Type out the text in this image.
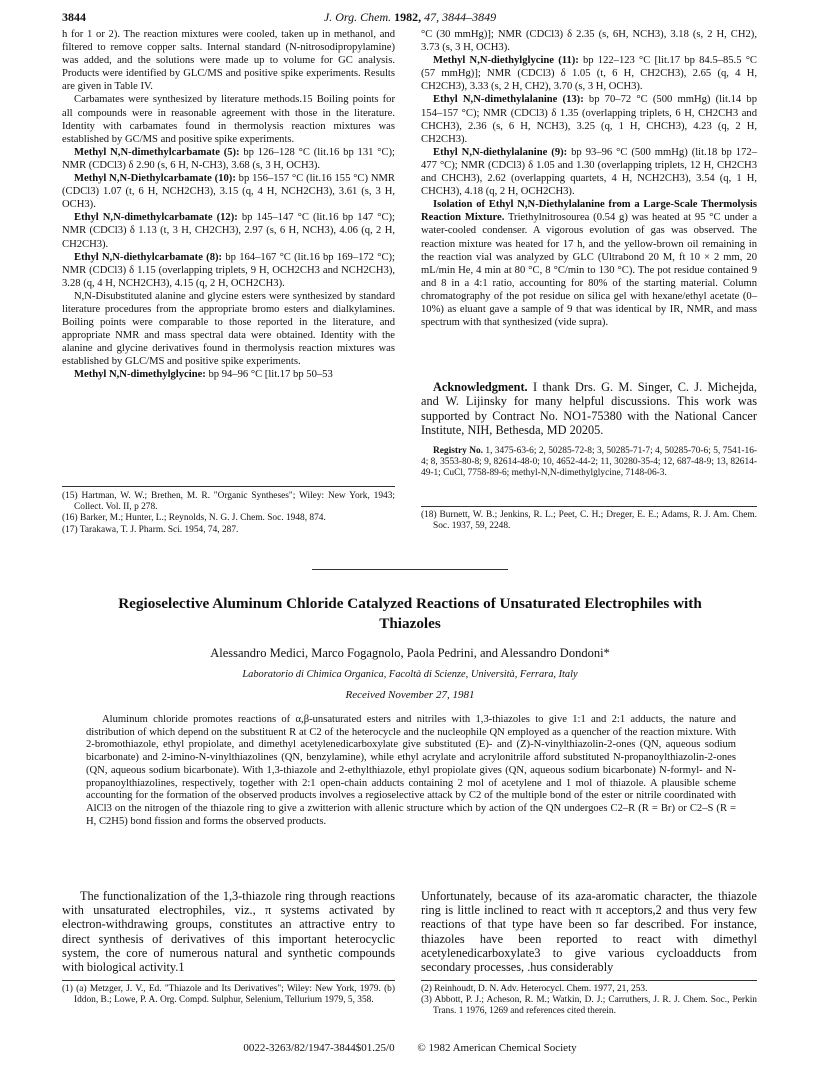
3844	J. Org. Chem. 1982, 47, 3844–3849

h for 1 or 2). The reaction mixtures were cooled, taken up in methanol, and filtered to remove copper salts. Internal standard (N-nitrosodipropylamine) was added, and the solutions were made up to volume for GC analysis. Products were identified by GLC/MS and positive spike experiments. Results are given in Table IV.

Carbamates were synthesized by literature methods.15 Boiling points for all compounds were in reasonable agreement with those in the literature. Identity with carbamates found in thermolysis reaction mixtures was established by GC/MS and positive spike experiments.

Methyl N,N-dimethylcarbamate (5): bp 126–128 °C (lit.16 bp 131 °C); NMR (CDCl3) δ 2.90 (s, 6 H, N-CH3), 3.68 (s, 3 H, OCH3).

Methyl N,N-Diethylcarbamate (10): bp 156–157 °C (lit.16 155 °C) NMR (CDCl3) 1.07 (t, 6 H, NCH2CH3), 3.15 (q, 4 H, NCH2CH3), 3.61 (s, 3 H, OCH3).

Ethyl N,N-dimethylcarbamate (12): bp 145–147 °C (lit.16 bp 147 °C); NMR (CDCl3) δ 1.13 (t, 3 H, CH2CH3), 2.97 (s, 6 H, NCH3), 4.06 (q, 2 H, CH2CH3).

Ethyl N,N-diethylcarbamate (8): bp 164–167 °C (lit.16 bp 169–172 °C); NMR (CDCl3) δ 1.15 (overlapping triplets, 9 H, OCH2CH3 and NCH2CH3), 3.28 (q, 4 H, NCH2CH3), 4.15 (q, 2 H, OCH2CH3).

N,N-Disubstituted alanine and glycine esters were synthesized by standard literature procedures from the appropriate bromo esters and dialkylamines. Boiling points were comparable to those reported in the literature, and appropriate NMR and mass spectral data were obtained. Identity with the alanine and glycine derivatives found in thermolysis reaction mixtures was established by GLC/MS and positive spike experiments.

Methyl N,N-dimethylglycine: bp 94–96 °C [lit.17 bp 50–53

(15) Hartman, W. W.; Brethen, M. R. "Organic Syntheses"; Wiley: New York, 1943; Collect. Vol. II, p 278.

(16) Barker, M.; Hunter, L.; Reynolds, N. G. J. Chem. Soc. 1948, 874.

(17) Tarakawa, T. J. Pharm. Sci. 1954, 74, 287.

°C (30 mmHg)]; NMR (CDCl3) δ 2.35 (s, 6H, NCH3), 3.18 (s, 2 H, CH2), 3.73 (s, 3 H, OCH3).

Methyl N,N-diethylglycine (11): bp 122–123 °C [lit.17 bp 84.5–85.5 °C (57 mmHg)]; NMR (CDCl3) δ 1.05 (t, 6 H, CH2CH3), 2.65 (q, 4 H, CH2CH3), 3.33 (s, 2 H, CH2), 3.70 (s, 3 H, OCH3).

Ethyl N,N-dimethylalanine (13): bp 70–72 °C (500 mmHg) (lit.14 bp 154–157 °C); NMR (CDCl3) δ 1.35 (overlapping triplets, 6 H, CH2CH3 and CHCH3), 2.36 (s, 6 H, NCH3), 3.25 (q, 1 H, CHCH3), 4.23 (q, 2 H, CH2CH3).

Ethyl N,N-diethylalanine (9): bp 93–96 °C (500 mmHg) (lit.18 bp 172–477 °C); NMR (CDCl3) δ 1.05 and 1.30 (overlapping triplets, 12 H, CH2CH3 and CHCH3), 2.62 (overlapping quartets, 4 H, NCH2CH3), 3.54 (q, 1 H, CHCH3), 4.18 (q, 2 H, OCH2CH3).

Isolation of Ethyl N,N-Diethylalanine from a Large-Scale Thermolysis Reaction Mixture. Triethylnitrosourea (0.54 g) was heated at 95 °C under a water-cooled condenser. A vigorous evolution of gas was observed. The reaction mixture was heated for 17 h, and the yellow-brown oil remaining in the reaction vial was analyzed by GLC (Ultrabond 20 M, ft 10 × 2 mm, 20 mL/min He, 4 min at 80 °C, 8 °C/min to 130 °C). The pot residue contained 9 and 8 in a 4:1 ratio, accounting for 80% of the starting material. Column chromatography of the pot residue on silica gel with hexane/ethyl acetate (0–10%) as eluant gave a sample of 9 that was identical by IR, NMR, and mass spectrum with that synthesized (vide supra).

Acknowledgment. I thank Drs. G. M. Singer, C. J. Michejda, and W. Lijinsky for many helpful discussions. This work was supported by Contract No. NO1-75380 with the National Cancer Institute, NIH, Bethesda, MD 20205.
Registry No. 1, 3475-63-6; 2, 50285-72-8; 3, 50285-71-7; 4, 50285-70-6; 5, 7541-16-4; 8, 3553-80-8; 9, 82614-48-0; 10, 4652-44-2; 11, 30280-35-4; 12, 687-48-9; 13, 82614-49-1; CuCl, 7758-89-6; methyl-N,N-dimethylglycine, 7148-06-3.

(18) Burnett, W. B.; Jenkins, R. L.; Peet, C. H.; Dreger, E. E.; Adams, R. J. Am. Chem. Soc. 1937, 59, 2248.

Regioselective Aluminum Chloride Catalyzed Reactions of Unsaturated Electrophiles with Thiazoles
Alessandro Medici, Marco Fogagnolo, Paola Pedrini, and Alessandro Dondoni*
Laboratorio di Chimica Organica, Facoltà di Scienze, Università, Ferrara, Italy
Received November 27, 1981
Aluminum chloride promotes reactions of α,β-unsaturated esters and nitriles with 1,3-thiazoles to give 1:1 and 2:1 adducts, the nature and distribution of which depend on the substituent R at C2 of the heterocycle and the nucleophile QN employed as a quencher of the reaction mixture. With 2-bromothiazole, ethyl propiolate, and dimethyl acetylenedicarboxylate give substituted (E)- and (Z)-N-vinylthiazolin-2-ones (QN, aqueous sodium bicarbonate) and 2-imino-N-vinylthiazolines (QN, benzylamine), while ethyl acrylate and acrylonitrile afford substituted N-propanoylthiazolin-2-ones (QN, aqueous sodium bicarbonate). With 1,3-thiazole and 2-ethylthiazole, ethyl propiolate gives (QN, aqueous sodium bicarbonate) N-formyl- and N-propanoylthiazolines, respectively, together with 2:1 open-chain adducts containing 2 mol of acetylene and 1 mol of thiazole. A plausible scheme accounting for the formation of the observed products involves a regioselective attack by C2 of the multiple bond of the ester or nitrile coordinated with AlCl3 on the nitrogen of the thiazole ring to give a zwitterion with allenic structure which by action of the QN undergoes C2–R (R = Br) or C2–S (R = H, C2H5) bond fission and forms the observed products.
The functionalization of the 1,3-thiazole ring through reactions with unsaturated electrophiles, viz., π systems activated by electron-withdrawing groups, constitutes an attractive entry to direct synthesis of derivatives of this important heterocyclic system, the core of numerous natural and synthetic compounds with biological activity.1
Unfortunately, because of its aza-aromatic character, the thiazole ring is little inclined to react with π acceptors,2 and thus very few reactions of that type have been so far described. For instance, thiazoles have been reported to react with dimethyl acetylenedicarboxylate3 to give various cycloadducts from secondary processes, .hus considerably

(1) (a) Metzger, J. V., Ed. "Thiazole and Its Derivatives"; Wiley: New York, 1979. (b) Iddon, B.; Lowe, P. A. Org. Compd. Sulphur, Selenium, Tellurium 1979, 5, 358.

(2) Reinhoudt, D. N. Adv. Heterocycl. Chem. 1977, 21, 253.

(3) Abbott, P. J.; Acheson, R. M.; Watkin, D. J.; Carruthers, J. R. J. Chem. Soc., Perkin Trans. 1 1976, 1269 and references cited therein.

0022-3263/82/1947-3844$01.25/0 © 1982 American Chemical Society
